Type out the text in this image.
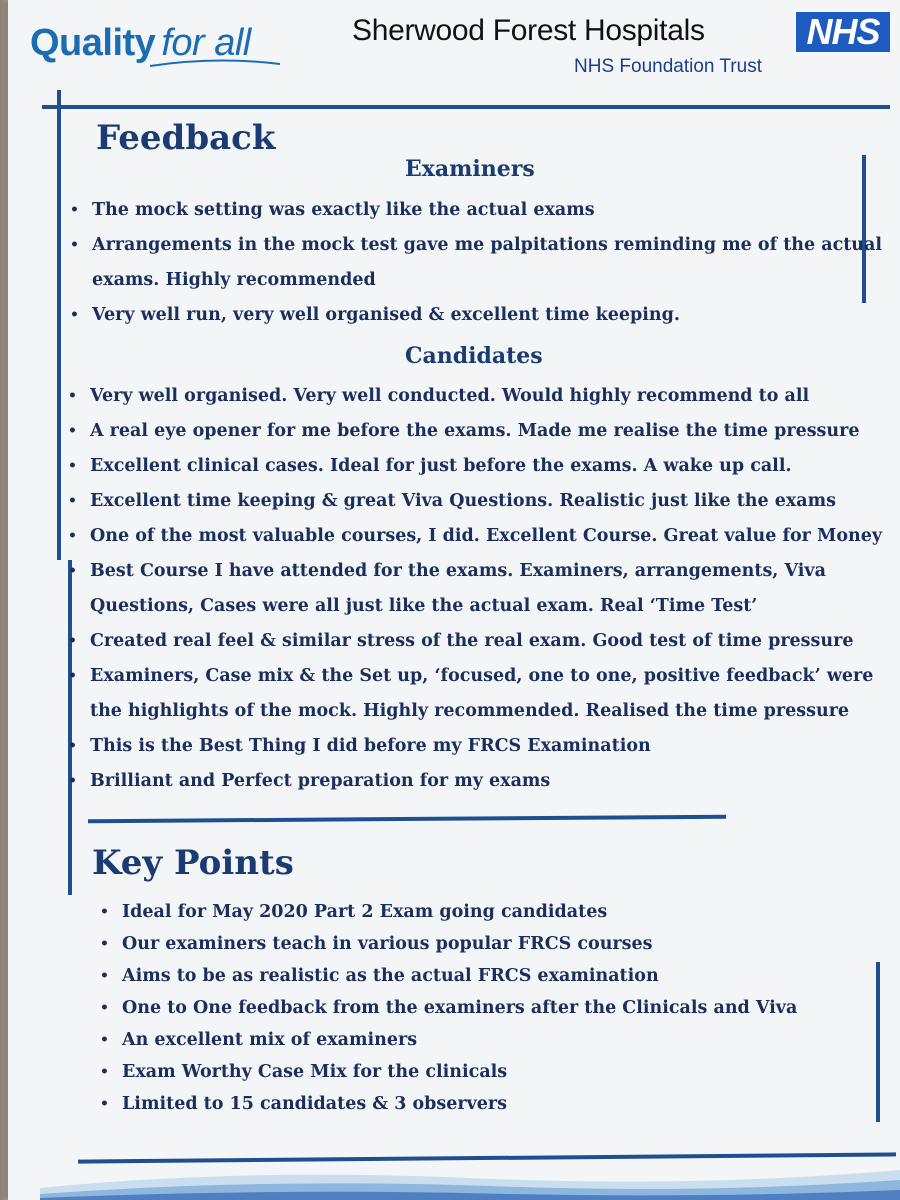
Quality for all	Sherwood Forest Hospitals
NHS Foundation Trust
NHS
Feedback
Examiners
• The mock setting was exactly like the actual exams
• Arrangements in the mock test gave me palpitations reminding me of the actual
exams. Highly recommended
• Very well run, very well organised & excellent time keeping.
Candidates
• Very well organised. Very well conducted. Would highly recommend to all
• A real eye opener for me before the exams. Made me realise the time pressure
• Excellent clinical cases. Ideal for just before the exams. A wake up call.
• Excellent time keeping & great Viva Questions. Realistic just like the exams
• One of the most valuable courses, I did. Excellent Course. Great value for Money
• Best Course I have attended for the exams. Examiners, arrangements, Viva
Questions, Cases were all just like the actual exam. Real ‘Time Test’
• Created real feel & similar stress of the real exam. Good test of time pressure
• Examiners, Case mix & the Set up, ‘focused, one to one, positive feedback’ were
the highlights of the mock. Highly recommended. Realised the time pressure
• This is the Best Thing I did before my FRCS Examination
• Brilliant and Perfect preparation for my exams
Key Points
• Ideal for May 2020 Part 2 Exam going candidates
• Our examiners teach in various popular FRCS courses
• Aims to be as realistic as the actual FRCS examination
• One to One feedback from the examiners after the Clinicals and Viva
• An excellent mix of examiners
• Exam Worthy Case Mix for the clinicals
• Limited to 15 candidates & 3 observers
